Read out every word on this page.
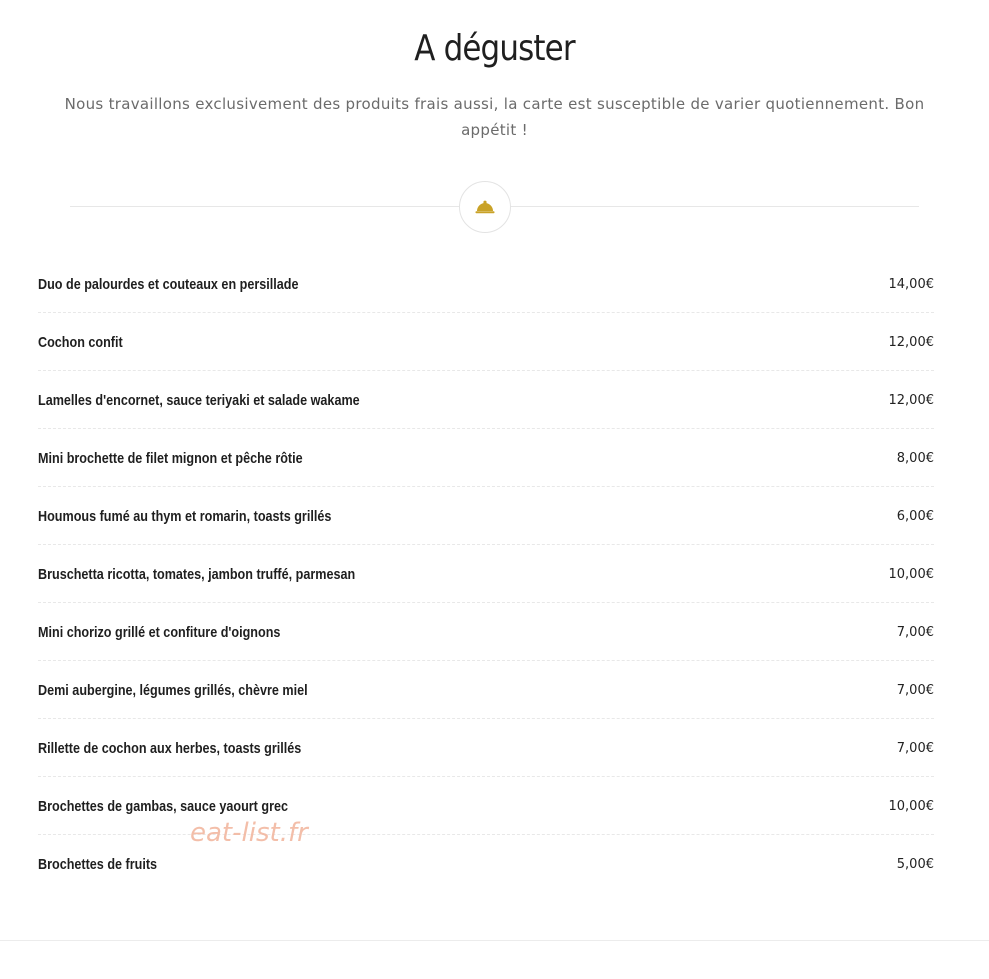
A déguster

Nous travaillons exclusivement des produits frais aussi, la carte est susceptible de varier quotiennement. Bon appétit !

Duo de palourdes et couteaux en persillade	14,00€
Cochon confit	12,00€
Lamelles d'encornet, sauce teriyaki et salade wakame	12,00€
Mini brochette de filet mignon et pêche rôtie	8,00€
Houmous fumé au thym et romarin, toasts grillés	6,00€
Bruschetta ricotta, tomates, jambon truffé, parmesan	10,00€
Mini chorizo grillé et confiture d'oignons	7,00€
Demi aubergine, légumes grillés, chèvre miel	7,00€
Rillette de cochon aux herbes, toasts grillés	7,00€
Brochettes de gambas, sauce yaourt grec	10,00€
Brochettes de fruits	5,00€
eat-list.fr
